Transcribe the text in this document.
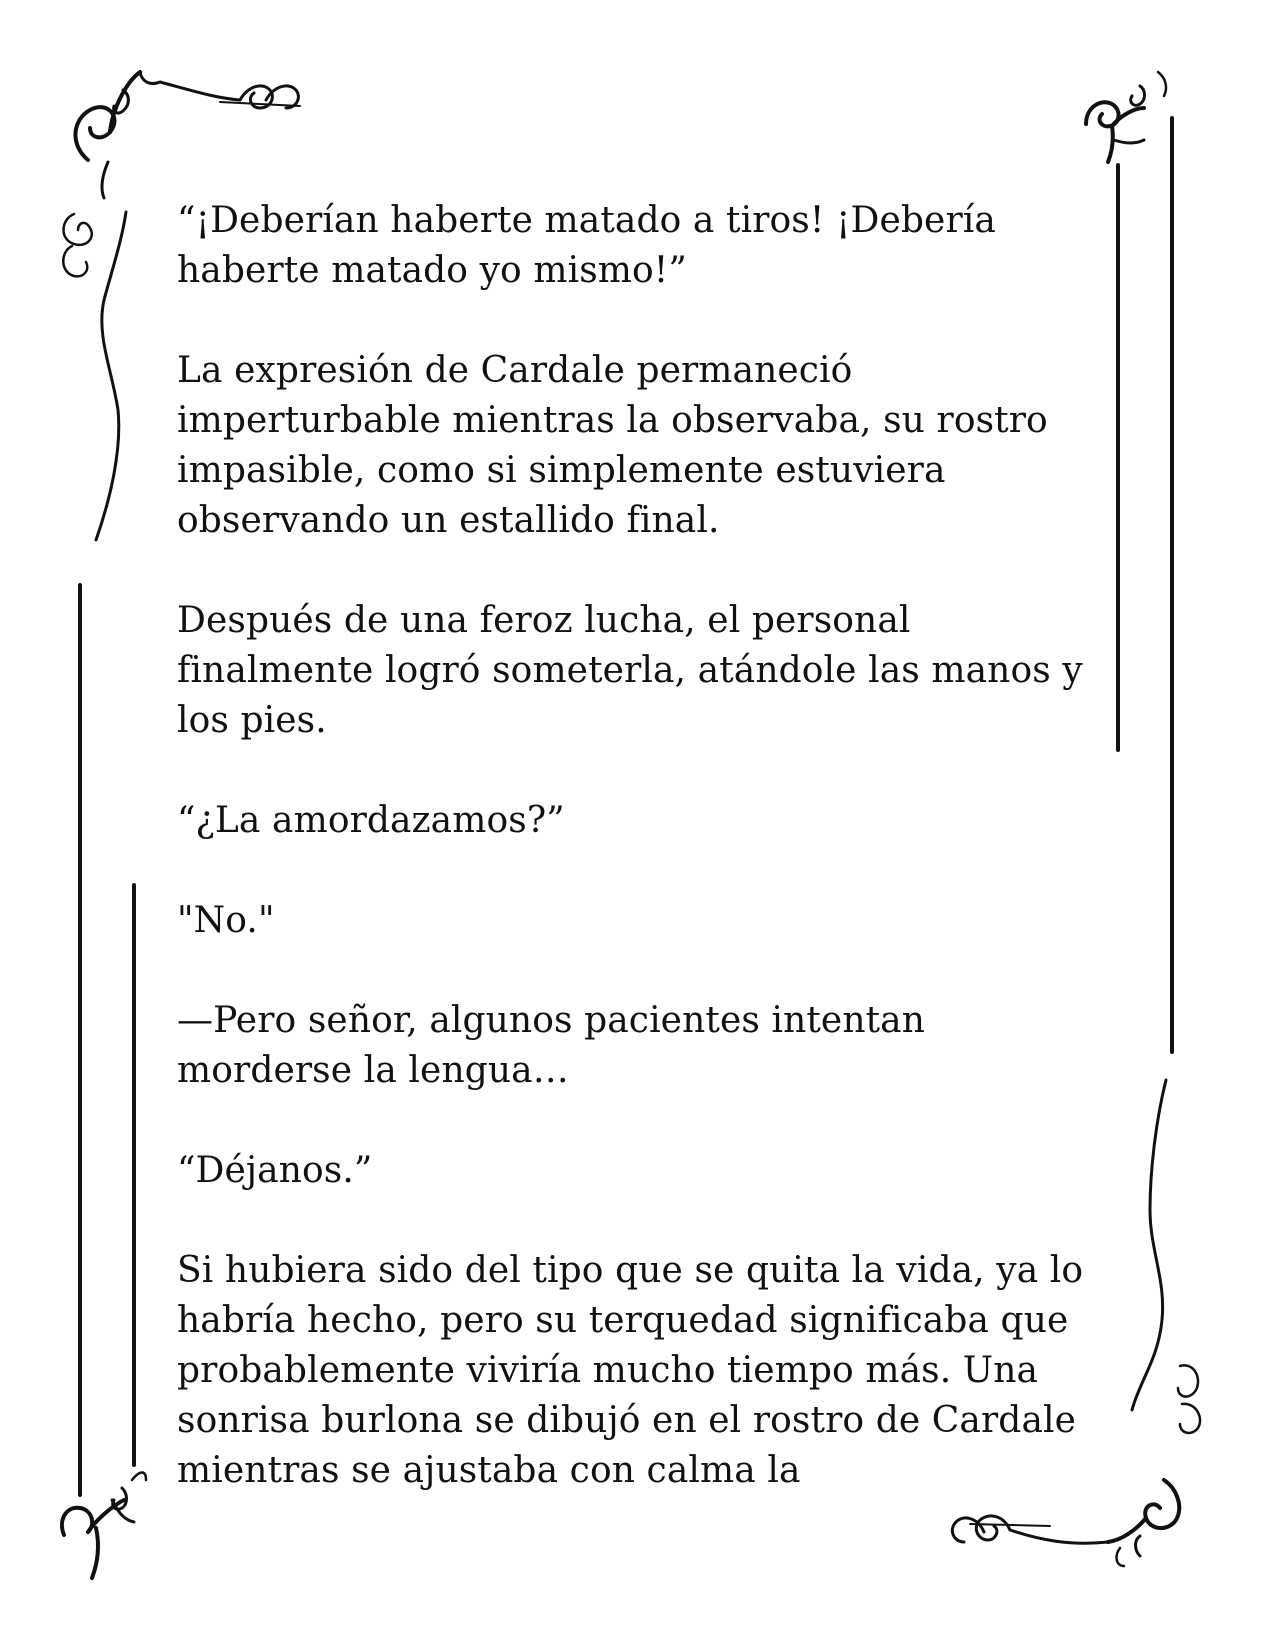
“¡Deberían haberte matado a tiros! ¡Debería haberte matado yo mismo!”

La expresión de Cardale permaneció imperturbable mientras la observaba, su rostro impasible, como si simplemente estuviera observando un estallido final.

Después de una feroz lucha, el personal finalmente logró someterla, atándole las manos y los pies.

“¿La amordazamos?”

"No."

—Pero señor, algunos pacientes intentan morderse la lengua…

“Déjanos.”

Si hubiera sido del tipo que se quita la vida, ya lo habría hecho, pero su terquedad significaba que probablemente viviría mucho tiempo más. Una sonrisa burlona se dibujó en el rostro de Cardale mientras se ajustaba con calma la
